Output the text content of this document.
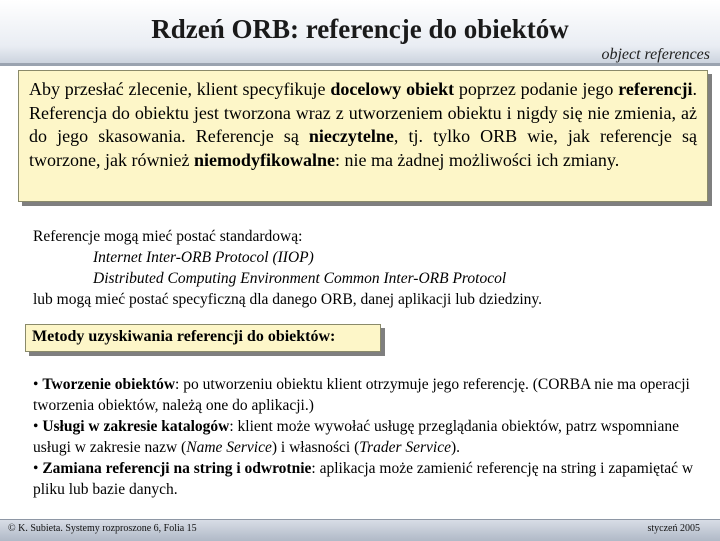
Rdzeń ORB: referencje do obiektów
object references
Aby przesłać zlecenie, klient specyfikuje docelowy obiekt poprzez podanie jego referencji. Referencja do obiektu jest tworzona wraz z utworzeniem obiektu i nigdy się nie zmienia, aż do jego skasowania. Referencje są nieczytelne, tj. tylko ORB wie, jak referencje są tworzone, jak również niemodyfikowalne: nie ma żadnej możliwości ich zmiany.
Referencje mogą mieć postać standardową:
Internet Inter-ORB Protocol (IIOP)
Distributed Computing Environment Common Inter-ORB Protocol
lub mogą mieć postać specyficzną dla danego ORB, danej aplikacji lub dziedziny.
Metody uzyskiwania referencji do obiektów:

• Tworzenie obiektów: po utworzeniu obiektu klient otrzymuje jego referencję. (CORBA nie ma operacji tworzenia obiektów, należą one do aplikacji.)

• Usługi w zakresie katalogów: klient może wywołać usługę przeglądania obiektów, patrz wspomniane usługi w zakresie nazw (Name Service) i własności (Trader Service).

• Zamiana referencji na string i odwrotnie: aplikacja może zamienić referencję na string i zapamiętać w pliku lub bazie danych.

© K. Subieta. Systemy rozproszone 6, Folia 15	styczeń 2005
